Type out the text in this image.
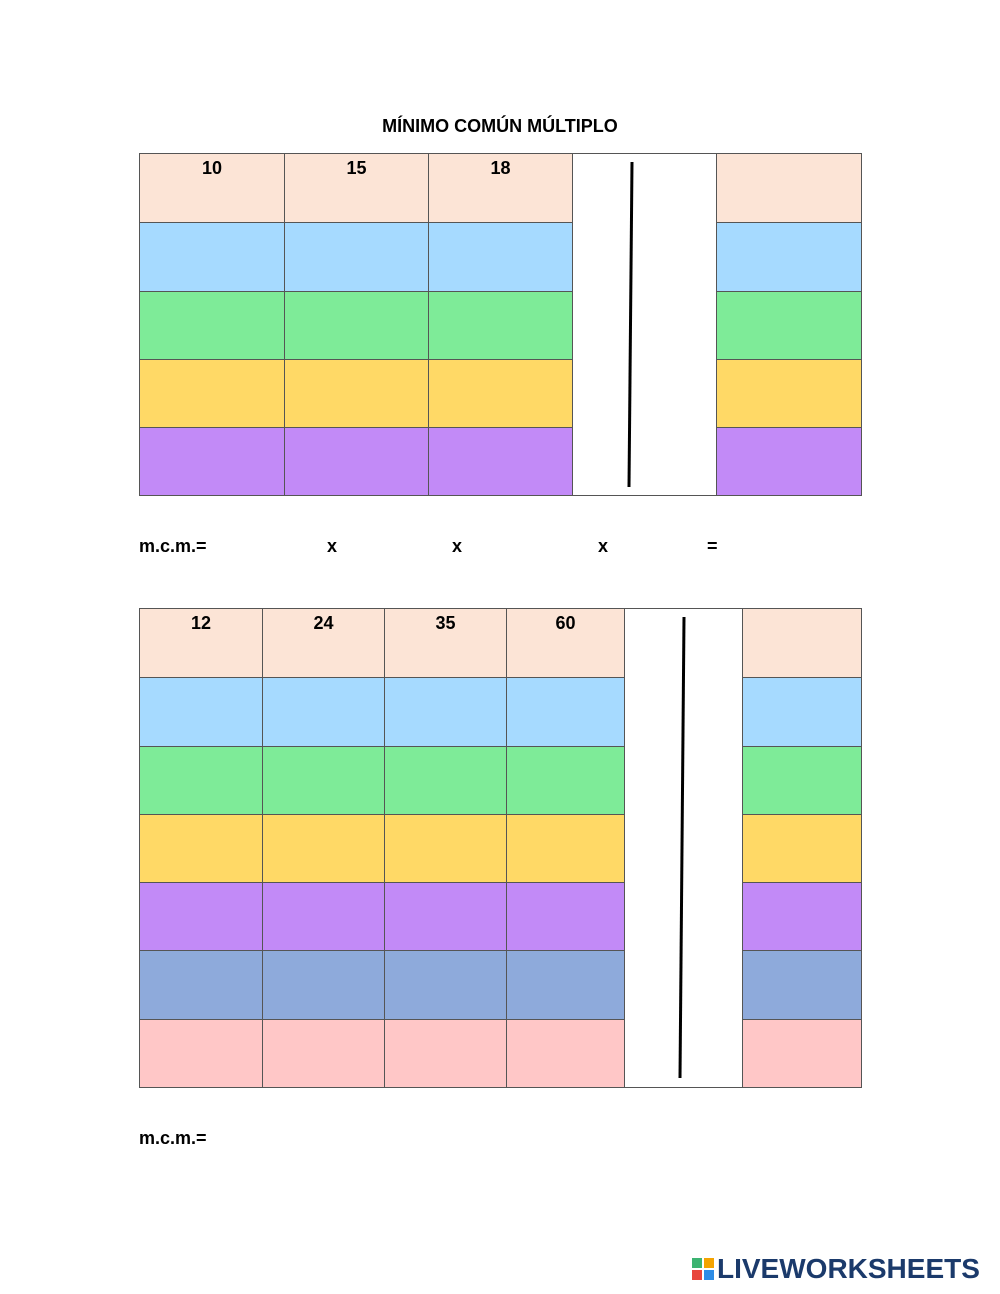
MÍNIMO COMÚN MÚLTIPLO
10	15	18	

m.c.m.=	x	x	x	=
12	24	35	60	

m.c.m.=
LIVEWORKSHEETS
